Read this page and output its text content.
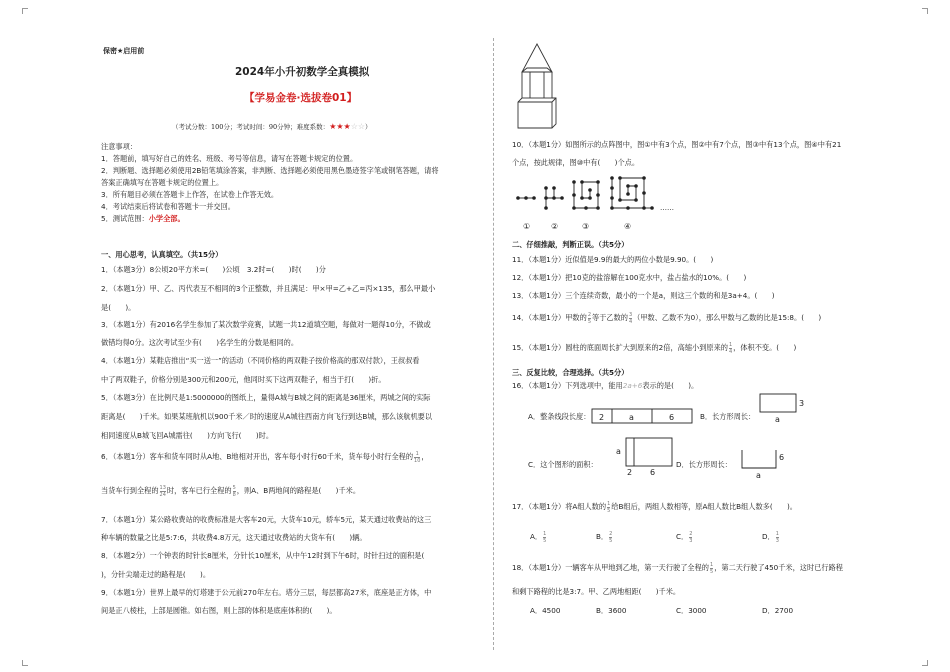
保密★启用前
2024年小升初数学全真模拟
【学易金卷·选拔卷01】
（考试分数：100分；考试时间：90分钟；难度系数：★★★☆☆）
注意事项：
1．答题前，填写好自己的姓名、班级、考号等信息，请写在答题卡规定的位置。
2．判断题、选择题必须使用2B铅笔填涂答案，非判断、选择题必须使用黑色墨迹签字笔或钢笔答题，请将
答案正确填写在答题卡规定的位置上。
3．所有题目必须在答题卡上作答，在试卷上作答无效。
4．考试结束后将试卷和答题卡一并交回。
5．测试范围：小学全部。
一、用心思考，认真填空。（共15分）
1．（本题3分）8公顷20平方米=(　　)公顷　3.2时=(　　)时(　　)分
2．（本题1分）甲、乙、丙代表互不相同的3个正整数，并且满足：甲×甲=乙+乙=丙×135，那么甲最小
是(　　)。
3．（本题1分）有2016名学生参加了某次数学竞赛，试题一共12道填空题，每做对一题得10分，不做或
做错均得0分。这次考试至少有(　　)名学生的分数是相同的。
4．（本题1分）某鞋店推出“买一送一”的活动（不同价格的两双鞋子按价格高的那双付款），王叔叔看
中了两双鞋子，价格分别是300元和200元，他同时买下这两双鞋子，相当于打(　　)折。
5．（本题3分）在比例尺是1:5000000的图纸上，量得A城与B城之间的距离是36厘米，两城之间的实际
距离是(　　)千米。如果某班航机以900千米／时的速度从A城往西南方向飞行到达B城，那么该航机要以
相同速度从B城飞回A城需往(　　)方向飞行(　　)时。
6．（本题1分）客车和货车同时从A地、B地相对开出，客车每小时行60千米，货车每小时行全程的 $\frac{1}{10}$ ，
当货车行到全程的 $\frac{13}{24}$ 时，客车已行全程的 $\frac{5}{8}$ ，则A、B两地间的路程是(　　)千米。
7．（本题1分）某公路收费站的收费标准是大客车20元，大货车10元，轿车5元，某天通过收费站的这三
种车辆的数量之比是5:7:6，共收费4.8万元，这天通过收费站的大货车有(　　)辆。
8．（本题2分）一个钟表的时针长8厘米，分针长10厘米，从中午12时到下午6时，时针扫过的面积是(　　
)，分针尖端走过的路程是(　　)。
9．（本题1分）世界上最早的灯塔建于公元前270年左右。塔分三层，每层都高27米，底座是正方体，中
间是正八棱柱，上部是圆锥。如右图，则上部的体积是底座体积的(　　)。
10．（本题1分）如图所示的点阵图中，图①中有3个点，图②中有7个点，图③中有13个点，图④中有21
个点，按此规律，图⑩中有(　　)个点。
……
①	②	③	④
二、仔细推敲，判断正误。（共5分）
11．（本题1分）近似值是9.9的最大的两位小数是9.90。(　　)
12．（本题1分）把10克的盐溶解在100克水中，盐占盐水的10%。(　　)
13．（本题1分）三个连续奇数，最小的一个是a，则这三个数的和是3a+4。(　　)
14．（本题1分）甲数的 $\frac{2}{5}$ 等于乙数的 $\frac{3}{4}$ （甲数、乙数不为0），那么甲数与乙数的比是15:8。(　　)
15．（本题1分）圆柱的底面周长扩大到原来的2倍，高缩小到原来的 $\frac{1}{4}$ ，体积不变。(　　)
三、反复比较，合理选择。（共5分）
16．（本题1分）下列选项中，能用2a+6表示的是(　　)。
A．整条线段长度： 2	a	6	B．长方形周长：
3
a
C．这个图形的面积：
a
2 6
D．长方形周长：
6
a
17．（本题1分）将A组人数的 $\frac{1}{5}$ 给B组后，两组人数相等，原A组人数比B组人数多(　　)。
A． $\frac{1}{5}$	B． $\frac{2}{5}$	C． $\frac{2}{3}$	D． $\frac{1}{3}$
18．（本题1分）一辆客车从甲地到乙地，第一天行驶了全程的 $\frac{1}{5}$ ，第二天行驶了450千米，这时已行路程
和剩下路程的比是3:7。甲、乙两地相距(　　)千米。
A．4500	B．3600	C．3000	D．2700
